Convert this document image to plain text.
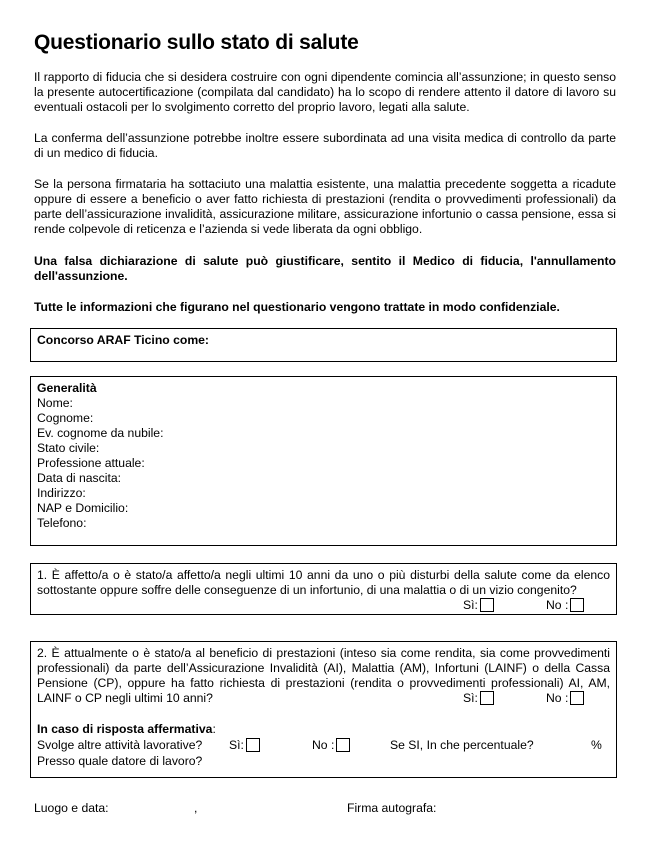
Questionario sullo stato di salute

Il rapporto di fiducia che si desidera costruire con ogni dipendente comincia all’assunzione; in questo senso la presente autocertificazione (compilata dal candidato) ha lo scopo di rendere attento il datore di lavoro su eventuali ostacoli per lo svolgimento corretto del proprio lavoro, legati alla salute.

La conferma dell’assunzione potrebbe inoltre essere subordinata ad una visita medica di controllo da parte di un medico di fiducia.

Se la persona firmataria ha sottaciuto una malattia esistente, una malattia precedente soggetta a ricadute oppure di essere a beneficio o aver fatto richiesta di prestazioni (rendita o provvedimenti professionali) da parte dell’assicurazione invalidità, assicurazione militare, assicurazione infortunio o cassa pensione, essa si rende colpevole di reticenza e l’azienda si vede liberata da ogni obbligo.

Una falsa dichiarazione di salute può giustificare, sentito il Medico di fiducia, l'annullamento dell'assunzione.

Tutte le informazioni che figurano nel questionario vengono trattate in modo confidenziale.

Concorso ARAF Ticino come:

Generalità

Nome:
Cognome:
Ev. cognome da nubile:
Stato civile:
Professione attuale:
Data di nascita:
Indirizzo:
NAP e Domicilio:
Telefono:

1. È affetto/a o è stato/a affetto/a negli ultimi 10 anni da uno o più disturbi della salute come da elenco sottostante oppure soffre delle conseguenze di un infortunio, di una malattia o di un vizio congenito?

Sì:	No :

2. È attualmente o è stato/a al beneficio di prestazioni (inteso sia come rendita, sia come provvedimenti professionali) da parte dell’Assicurazione Invalidità (AI), Malattia (AM), Infortuni (LAINF) o della Cassa Pensione (CP), oppure ha fatto richiesta di prestazioni (rendita o provvedimenti professionali) AI, AM, LAINF o CP negli ultimi 10 anni?	Sì:	No :
In caso di risposta affermativa:
Svolge altre attività lavorative? Sì:	No :	Se SI, In che percentuale?	%
Presso quale datore di lavoro?
Luogo e data:	,	Firma autografa:
